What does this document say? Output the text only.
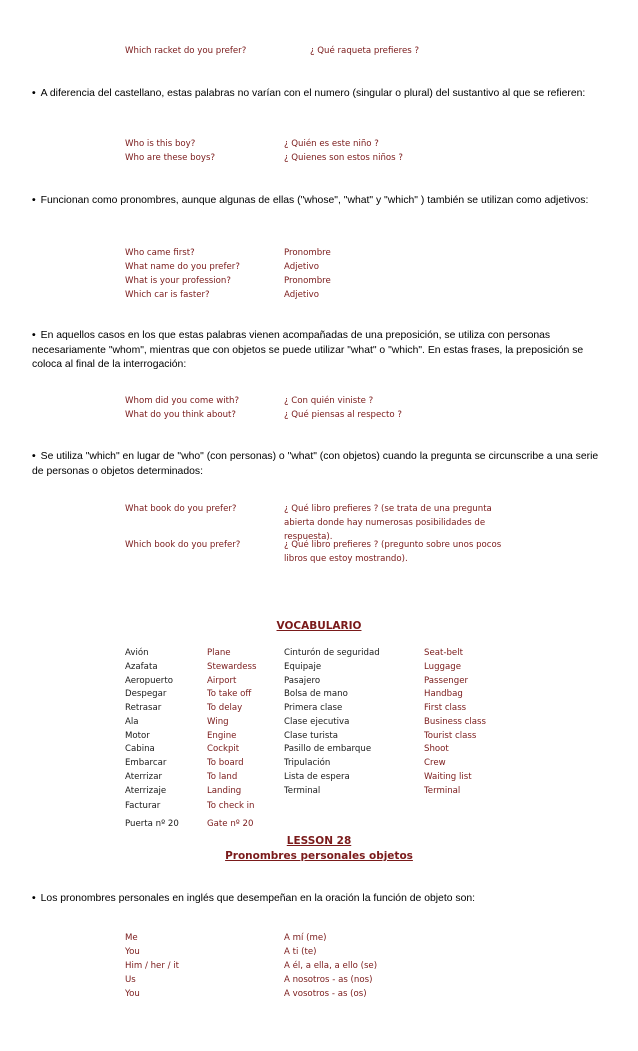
Which racket do you prefer?	¿ Qué raqueta prefieres ?
• A diferencia del castellano, estas palabras no varían con el numero (singular o plural) del sustantivo al que se refieren:
Who is this boy?	¿ Quién es este niño ?
Who are these boys?	¿ Quienes son estos niños ?
• Funcionan como pronombres, aunque algunas de ellas ("whose", "what" y "which" ) también se utilizan como adjetivos:
Who came first?	Pronombre
What name do you prefer?	Adjetivo
What is your profession?	Pronombre
Which car is faster?	Adjetivo
• En aquellos casos en los que estas palabras vienen acompañadas de una preposición, se utiliza con personas necesariamente "whom", mientras que con objetos se puede utilizar "what" o "which". En estas frases, la preposición se coloca al final de la interrogación:
Whom did you come with?	¿ Con quién viniste ?
What do you think about?	¿ Qué piensas al respecto ?
• Se utiliza "which" en lugar de "who" (con personas) o "what" (con objetos) cuando la pregunta se circunscribe a una serie de personas o objetos determinados:
What book do you prefer?	¿ Qué libro prefieres ? (se trata de una pregunta abierta donde hay numerosas posibilidades de respuesta).
Which book do you prefer?	¿ Qué libro prefieres ? (pregunto sobre unos pocos libros que estoy mostrando).
VOCABULARIO
Avión	Plane	Cinturón de seguridad	Seat-belt
Azafata	Stewardess	Equipaje	Luggage
Aeropuerto	Airport	Pasajero	Passenger
Despegar	To take off	Bolsa de mano	Handbag
Retrasar	To delay	Primera clase	First class
Ala	Wing	Clase ejecutiva	Business class
Motor	Engine	Clase turista	Tourist class
Cabina	Cockpit	Pasillo de embarque	Shoot
Embarcar	To board	Tripulación	Crew
Aterrizar	To land	Lista de espera	Waiting list
Aterrizaje	Landing	Terminal	Terminal
Facturar	To check in
Puerta nº 20	Gate nº 20
LESSON 28
Pronombres personales objetos
• Los pronombres personales en inglés que desempeñan en la oración la función de objeto son:
Me	A mí (me)
You	A ti (te)
Him / her / it	A él, a ella, a ello (se)
Us	A nosotros - as (nos)
You	A vosotros - as (os)
